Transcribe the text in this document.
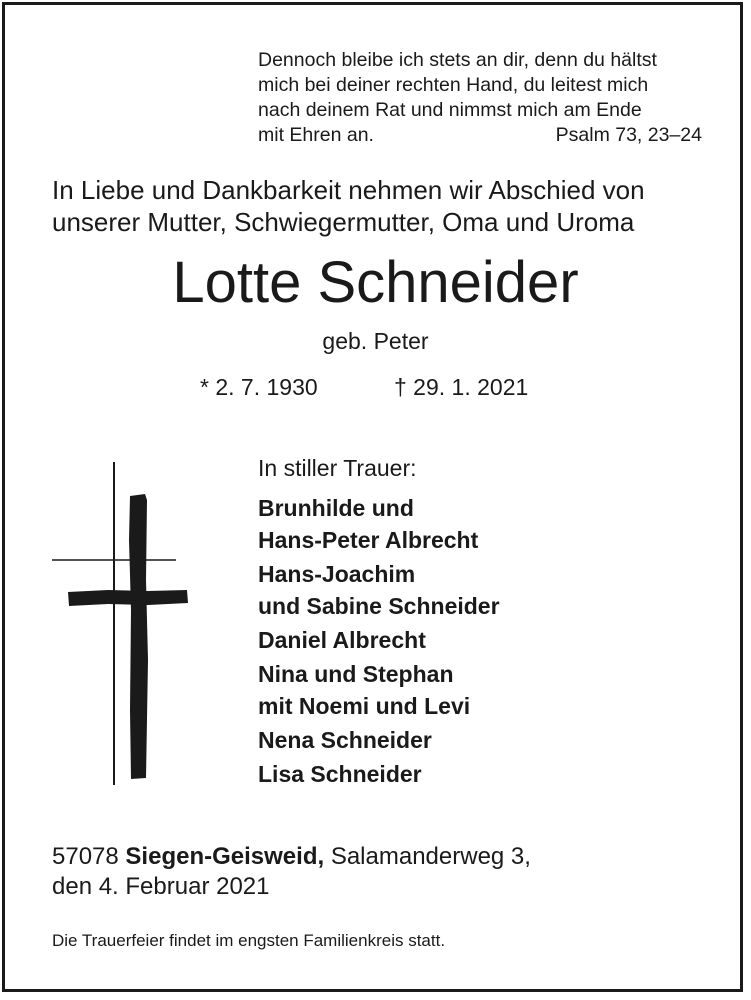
Dennoch bleibe ich stets an dir, denn du hältst
mich bei deiner rechten Hand, du leitest mich
nach deinem Rat und nimmst mich am Ende
mit Ehren an.	Psalm 73, 23–24
In Liebe und Dankbarkeit nehmen wir Abschied von
unserer Mutter, Schwiegermutter, Oma und Uroma
Lotte Schneider
geb. Peter
* 2. 7. 1930	† 29. 1. 2021
In stiller Trauer:
Brunhilde und
Hans-Peter Albrecht
Hans-Joachim
und Sabine Schneider
Daniel Albrecht
Nina und Stephan
mit Noemi und Levi
Nena Schneider
Lisa Schneider
57078 Siegen-Geisweid, Salamanderweg 3,
den 4. Februar 2021
Die Trauerfeier findet im engsten Familienkreis statt.
